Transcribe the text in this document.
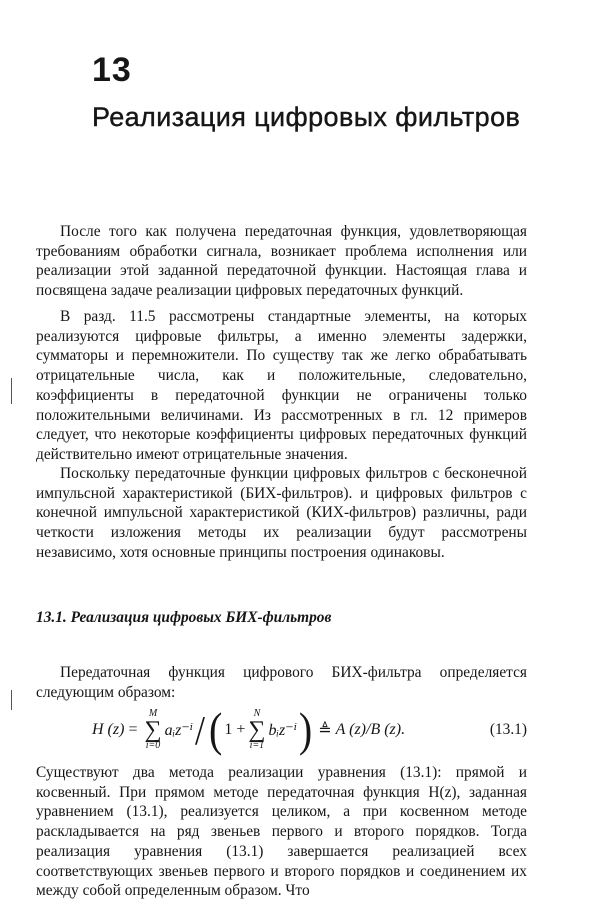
13
Реализация цифровых фильтров

После того как получена передаточная функция, удовлетворяющая требованиям обработки сигнала, возникает проблема исполнения или реализации этой заданной передаточной функции. Настоящая глава и посвящена задаче реализации цифровых передаточных функций.

В разд. 11.5 рассмотрены стандартные элементы, на которых реализуются цифровые фильтры, а именно элементы задержки, сумматоры и перемножители. По существу так же легко обрабатывать отрицательные числа, как и положительные, следовательно, коэффициенты в передаточной функции не ограничены только положительными величинами. Из рассмотренных в гл. 12 примеров следует, что некоторые коэффициенты цифровых передаточных функций действительно имеют отрицательные значения.

Поскольку передаточные функции цифровых фильтров с бесконечной импульсной характеристикой (БИХ-фильтров). и цифровых фильтров с конечной импульсной характеристикой (КИХ-фильтров) различны, ради четкости изложения методы их реализации будут рассмотрены независимо, хотя основные принципы построения одинаковы.

13.1. Реализация цифровых БИХ-фильтров

Передаточная функция цифрового БИХ-фильтра определяется следующим образом:

H (z) =
M
∑
i=0
aᵢz⁻ⁱ / ( 1 +
N
∑
i=1
bᵢz⁻ⁱ ) ≜ A (z)/B (z).	(13.1)

Существуют два метода реализации уравнения (13.1): прямой и косвенный. При прямом методе передаточная функция H(z), заданная уравнением (13.1), реализуется целиком, а при косвенном методе раскладывается на ряд звеньев первого и второго порядков. Тогда реализация уравнения (13.1) завершается реализацией всех соответствующих звеньев первого и второго порядков и соединением их между собой определенным образом. Что
